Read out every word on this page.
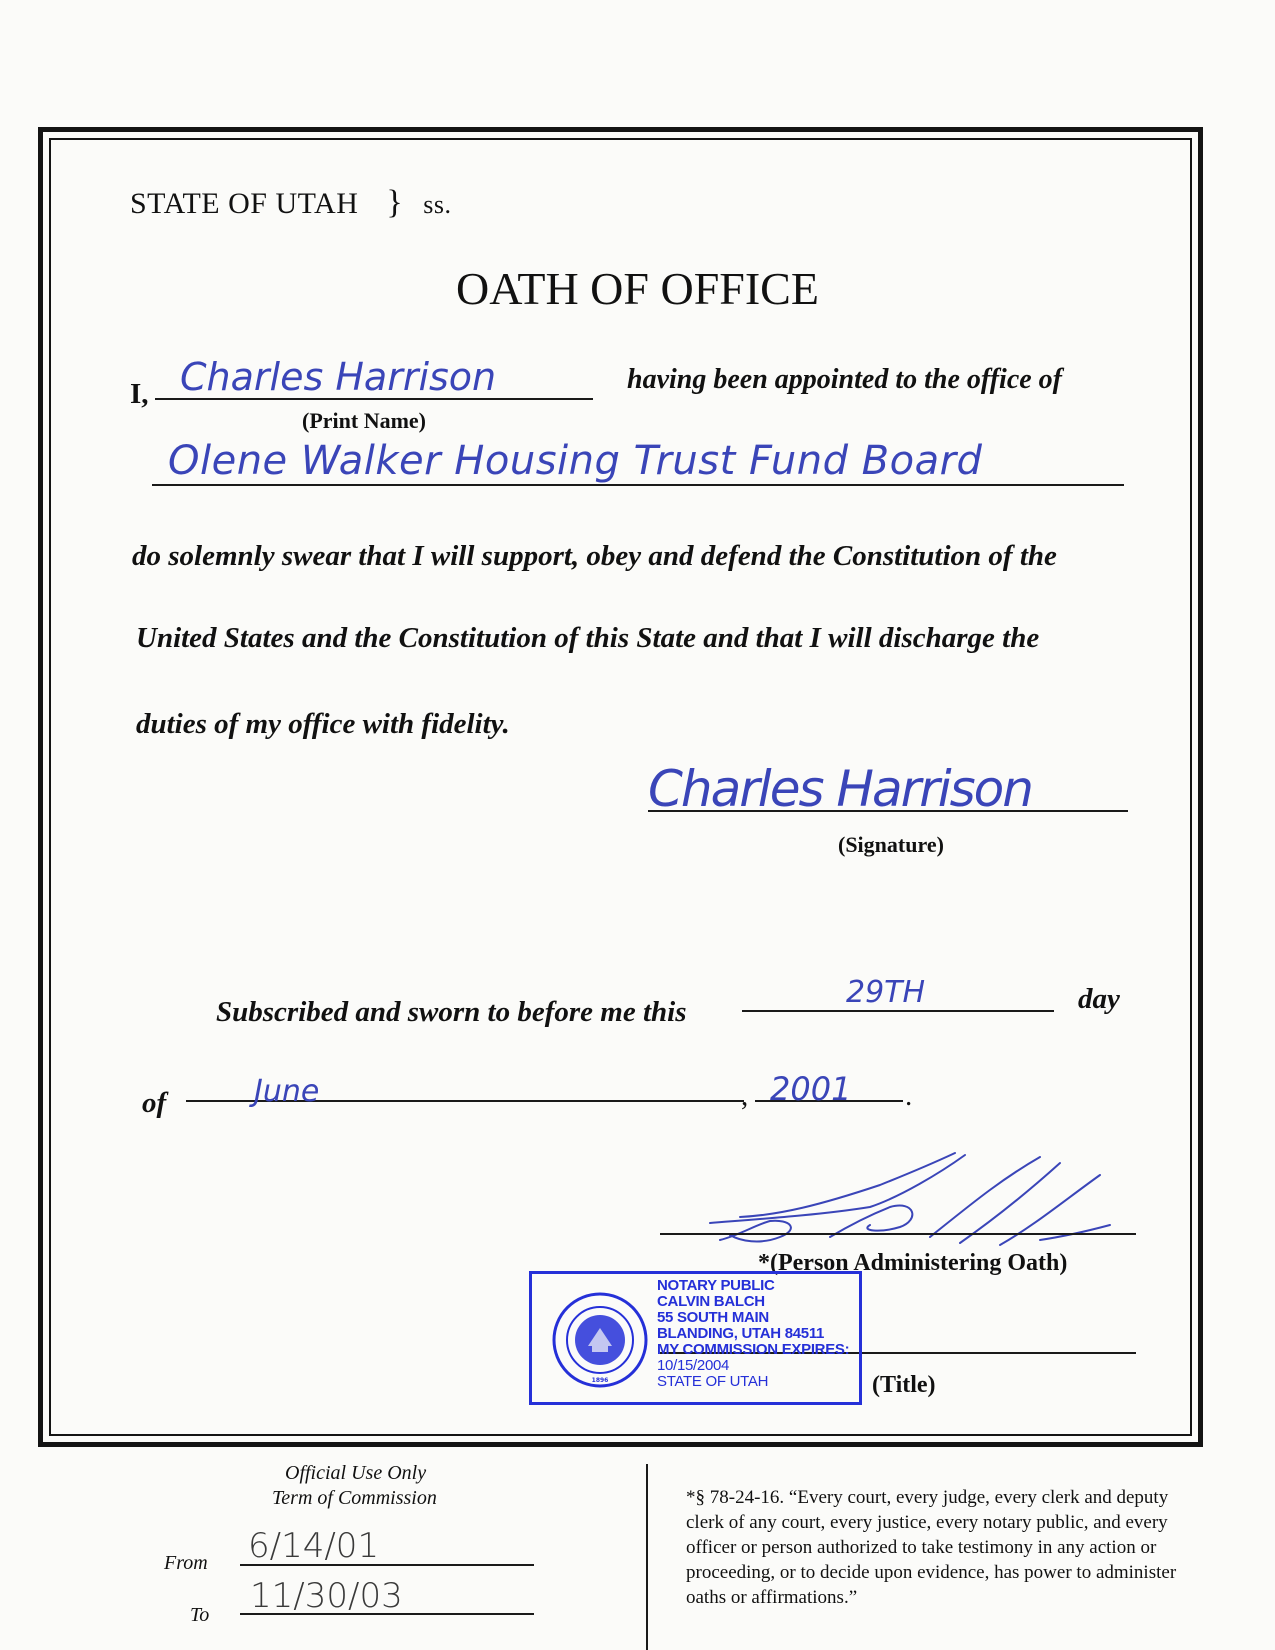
STATE OF UTAH } ss.
OATH OF OFFICE
I, Charles Harrison
(Print Name)
having been appointed to the office of
Olene Walker Housing Trust Fund Board
do solemnly swear that I will support, obey and defend the Constitution of the
United States and the Constitution of this State and that I will discharge the
duties of my office with fidelity.
Charles Harrison
(Signature)
Subscribed and sworn to before me this
29TH	day
of	June	, 2001 .
*(Person Administering Oath)
(Title)
1896
NOTARY PUBLIC
CALVIN BALCH
55 SOUTH MAIN
BLANDING, UTAH 84511
MY COMMISSION EXPIRES:
10/15/2004
STATE OF UTAH
Official Use Only
Term of Commission
From 6/14/01
To 11/30/03
*§ 78-24-16. “Every court, every judge, every clerk and deputy clerk of any court, every justice, every notary public, and every officer or person authorized to take testimony in any action or proceeding, or to decide upon evidence, has power to administer oaths or affirmations.”
